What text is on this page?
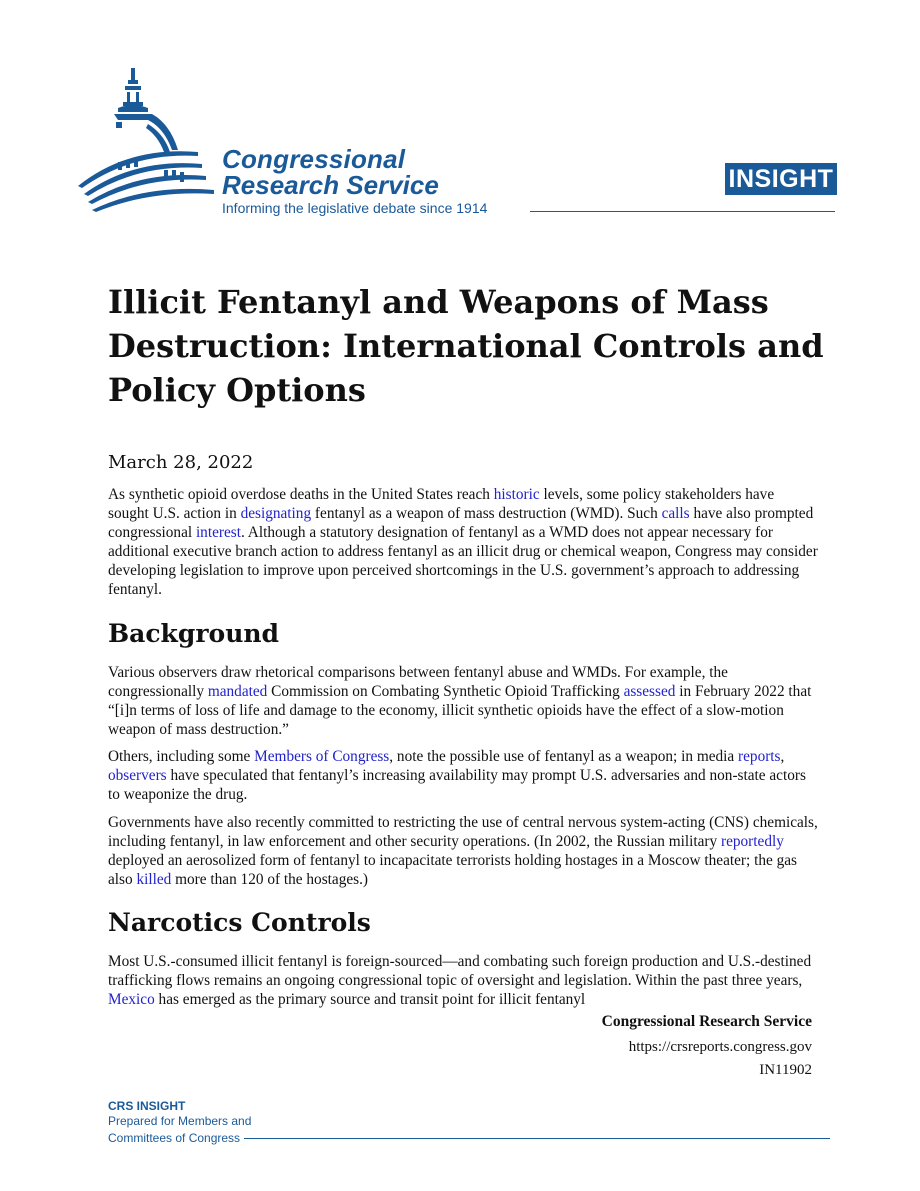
Congressional
Research Service
Informing the legislative debate since 1914
INSIGHT
Illicit Fentanyl and Weapons of Mass Destruction: International Controls and Policy Options
March 28, 2022

As synthetic opioid overdose deaths in the United States reach historic levels, some policy stakeholders have sought U.S. action in designating fentanyl as a weapon of mass destruction (WMD). Such calls have also prompted congressional interest. Although a statutory designation of fentanyl as a WMD does not appear necessary for additional executive branch action to address fentanyl as an illicit drug or chemical weapon, Congress may consider developing legislation to improve upon perceived shortcomings in the U.S. government’s approach to addressing fentanyl.

Background

Various observers draw rhetorical comparisons between fentanyl abuse and WMDs. For example, the congressionally mandated Commission on Combating Synthetic Opioid Trafficking assessed in February 2022 that “[i]n terms of loss of life and damage to the economy, illicit synthetic opioids have the effect of a slow-motion weapon of mass destruction.”

Others, including some Members of Congress, note the possible use of fentanyl as a weapon; in media reports, observers have speculated that fentanyl’s increasing availability may prompt U.S. adversaries and non-state actors to weaponize the drug.

Governments have also recently committed to restricting the use of central nervous system-acting (CNS) chemicals, including fentanyl, in law enforcement and other security operations. (In 2002, the Russian military reportedly deployed an aerosolized form of fentanyl to incapacitate terrorists holding hostages in a Moscow theater; the gas also killed more than 120 of the hostages.)

Narcotics Controls

Most U.S.-consumed illicit fentanyl is foreign-sourced—and combating such foreign production and U.S.-destined trafficking flows remains an ongoing congressional topic of oversight and legislation. Within the past three years, Mexico has emerged as the primary source and transit point for illicit fentanyl

Congressional Research Service
https://crsreports.congress.gov
IN11902
CRS INSIGHT
Prepared for Members and
Committees of Congress
